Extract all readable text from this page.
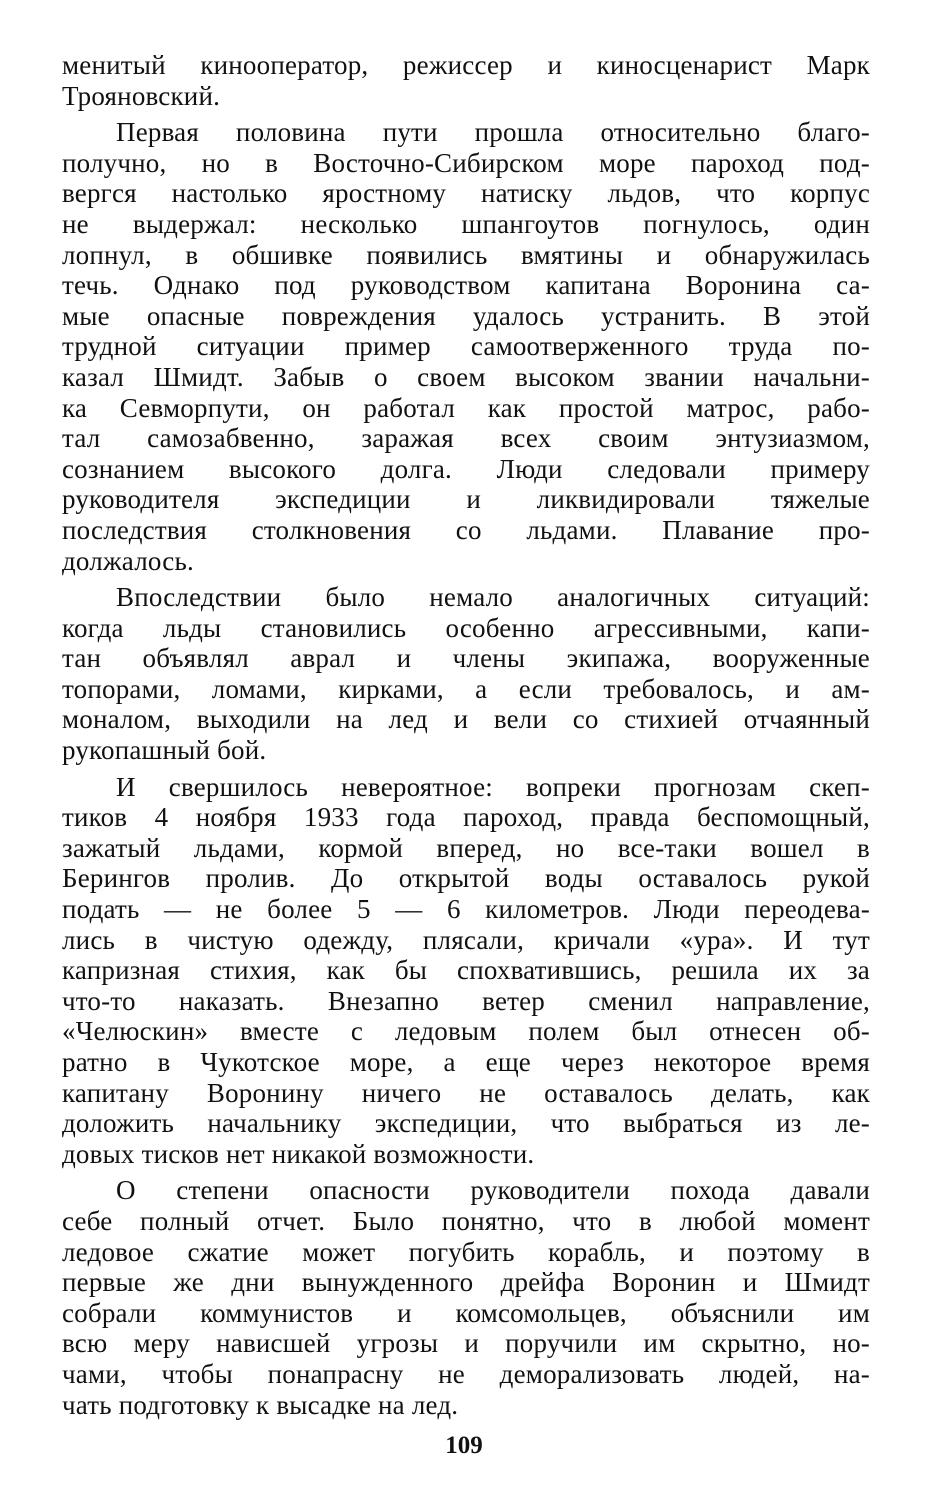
менитый кинооператор, режиссер и киносценарист Марк
Трояновский.
Первая половина пути прошла относительно благо-
получно, но в Восточно-Сибирском море пароход под-
вергся настолько яростному натиску льдов, что корпус
не выдержал: несколько шпангоутов погнулось, один
лопнул, в обшивке появились вмятины и обнаружилась
течь. Однако под руководством капитана Воронина са-
мые опасные повреждения удалось устранить. В этой
трудной ситуации пример самоотверженного труда по-
казал Шмидт. Забыв о своем высоком звании начальни-
ка Севморпути, он работал как простой матрос, рабо-
тал самозабвенно, заражая всех своим энтузиазмом,
сознанием высокого долга. Люди следовали примеру
руководителя экспедиции и ликвидировали тяжелые
последствия столкновения со льдами. Плавание про-
должалось.
Впоследствии было немало аналогичных ситуаций:
когда льды становились особенно агрессивными, капи-
тан объявлял аврал и члены экипажа, вооруженные
топорами, ломами, кирками, а если требовалось, и ам-
моналом, выходили на лед и вели со стихией отчаянный
рукопашный бой.
И свершилось невероятное: вопреки прогнозам скеп-
тиков 4 ноября 1933 года пароход, правда беспомощный,
зажатый льдами, кормой вперед, но все-таки вошел в
Берингов пролив. До открытой воды оставалось рукой
подать — не более 5 — 6 километров. Люди переодева-
лись в чистую одежду, плясали, кричали «ура». И тут
капризная стихия, как бы спохватившись, решила их за
что-то наказать. Внезапно ветер сменил направление,
«Челюскин» вместе с ледовым полем был отнесен об-
ратно в Чукотское море, а еще через некоторое время
капитану Воронину ничего не оставалось делать, как
доложить начальнику экспедиции, что выбраться из ле-
довых тисков нет никакой возможности.
О степени опасности руководители похода давали
себе полный отчет. Было понятно, что в любой момент
ледовое сжатие может погубить корабль, и поэтому в
первые же дни вынужденного дрейфа Воронин и Шмидт
собрали коммунистов и комсомольцев, объяснили им
всю меру нависшей угрозы и поручили им скрытно, но-
чами, чтобы понапрасну не деморализовать людей, на-
чать подготовку к высадке на лед.
109
